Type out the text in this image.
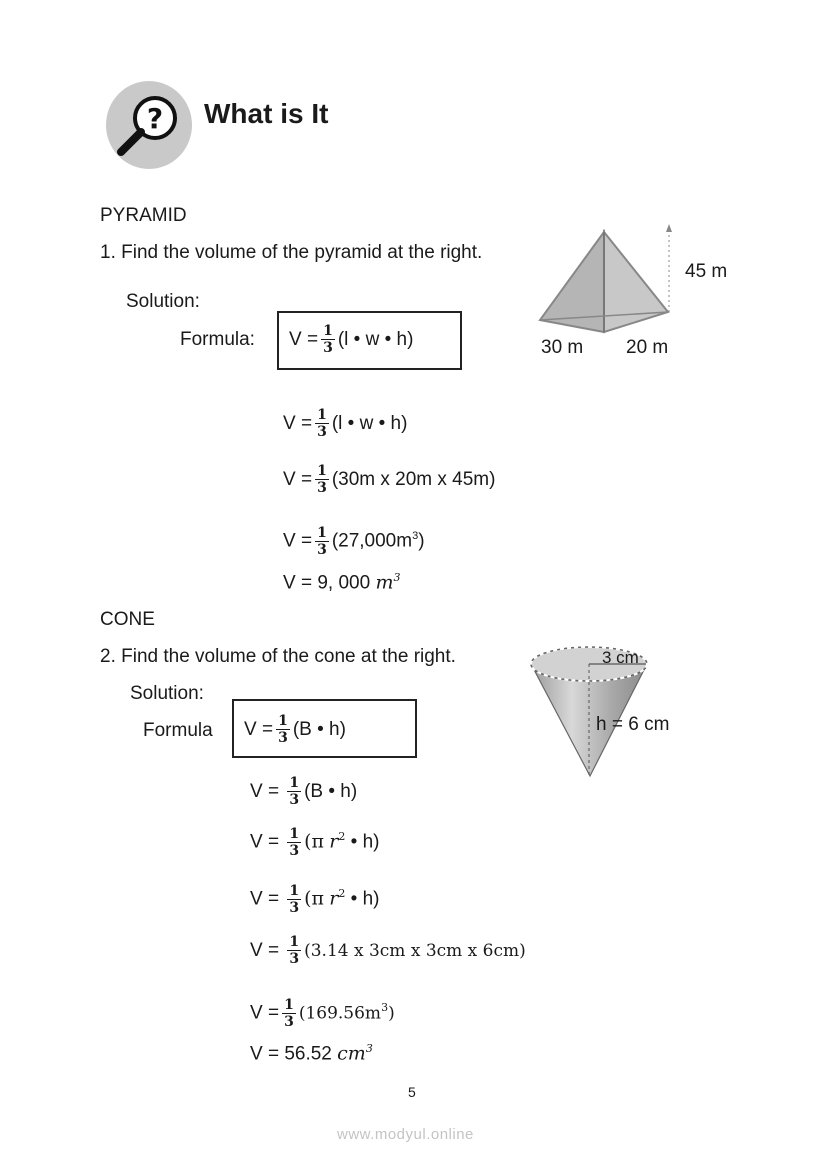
? What is It
PYRAMID
1. Find the volume of the pyramid at the right.
Solution:
Formula: $V = \frac{1}{3} (l$ • w • h)
$V = \frac{1}{3} (l$ • w • h)
$V = \frac{1}{3} (30m$ x 20m x 45m)
$V = \frac{1}{3} (27,000m^3)$
V = 9, 000 $m^3$
45 m
30 m 20 m
CONE
2. Find the volume of the cone at the right.
Solution:
Formula $V = \frac{1}{3} (B$ • h)
$V = \frac{1}{3} (B$ • h)
$V = \frac{1}{3} (\pi$ $r^2$ • h)
$V = \frac{1}{3} (\pi$ $r^2$ • h)
$V = \frac{1}{3} (3.14$ x 3cm x 3cm x 6cm)
$V = \frac{1}{3} (169.56m^3)$
V = 56.52 $cm^3$
3 cm
h = 6 cm
5
www.modyul.online
